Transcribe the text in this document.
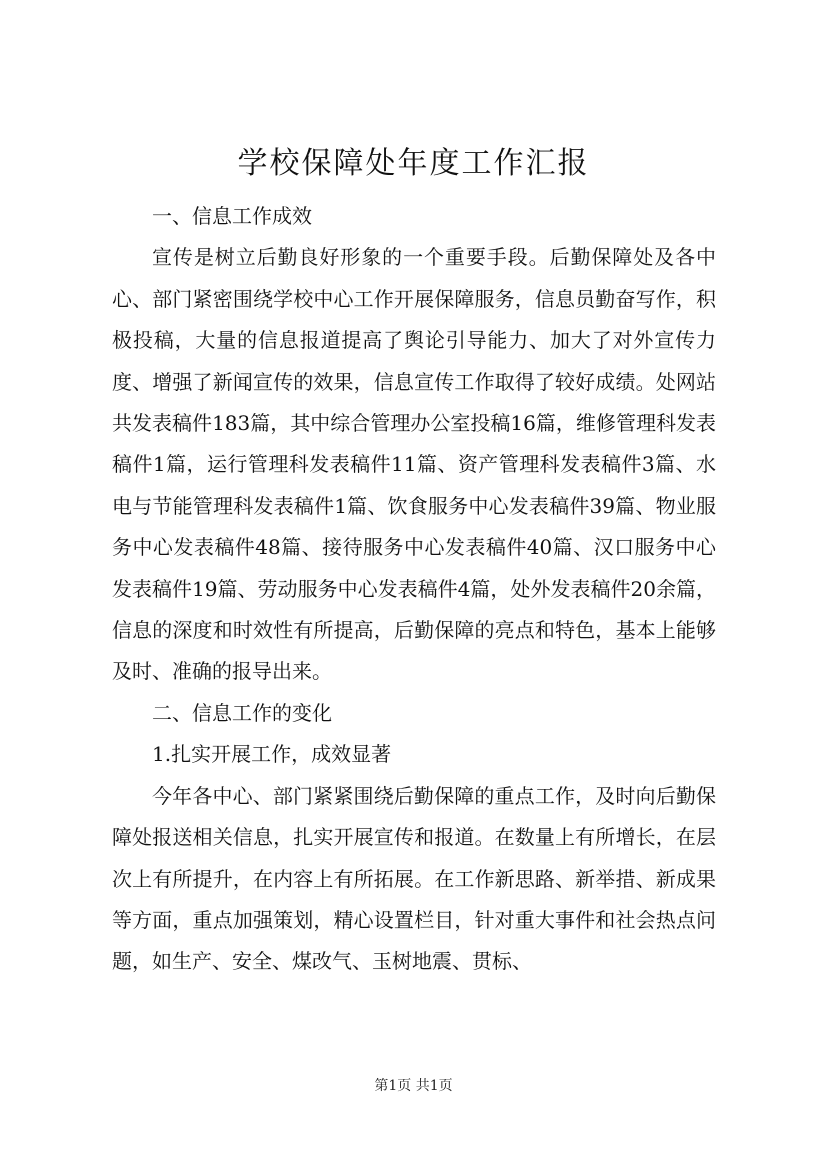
学校保障处年度工作汇报

一、信息工作成效

宣传是树立后勤良好形象的一个重要手段。后勤保障处及各中心、部门紧密围绕学校中心工作开展保障服务，信息员勤奋写作，积极投稿，大量的信息报道提高了舆论引导能力、加大了对外宣传力度、增强了新闻宣传的效果，信息宣传工作取得了较好成绩。处网站共发表稿件183篇，其中综合管理办公室投稿16篇，维修管理科发表稿件1篇，运行管理科发表稿件11篇、资产管理科发表稿件3篇、水电与节能管理科发表稿件1篇、饮食服务中心发表稿件39篇、物业服务中心发表稿件48篇、接待服务中心发表稿件40篇、汉口服务中心发表稿件19篇、劳动服务中心发表稿件4篇，处外发表稿件20余篇，信息的深度和时效性有所提高，后勤保障的亮点和特色，基本上能够及时、准确的报导出来。

二、信息工作的变化

1.扎实开展工作，成效显著

今年各中心、部门紧紧围绕后勤保障的重点工作，及时向后勤保障处报送相关信息，扎实开展宣传和报道。在数量上有所增长，在层次上有所提升，在内容上有所拓展。在工作新思路、新举措、新成果等方面，重点加强策划，精心设置栏目，针对重大事件和社会热点问题，如生产、安全、煤改气、玉树地震、贯标、

第1页 共1页
